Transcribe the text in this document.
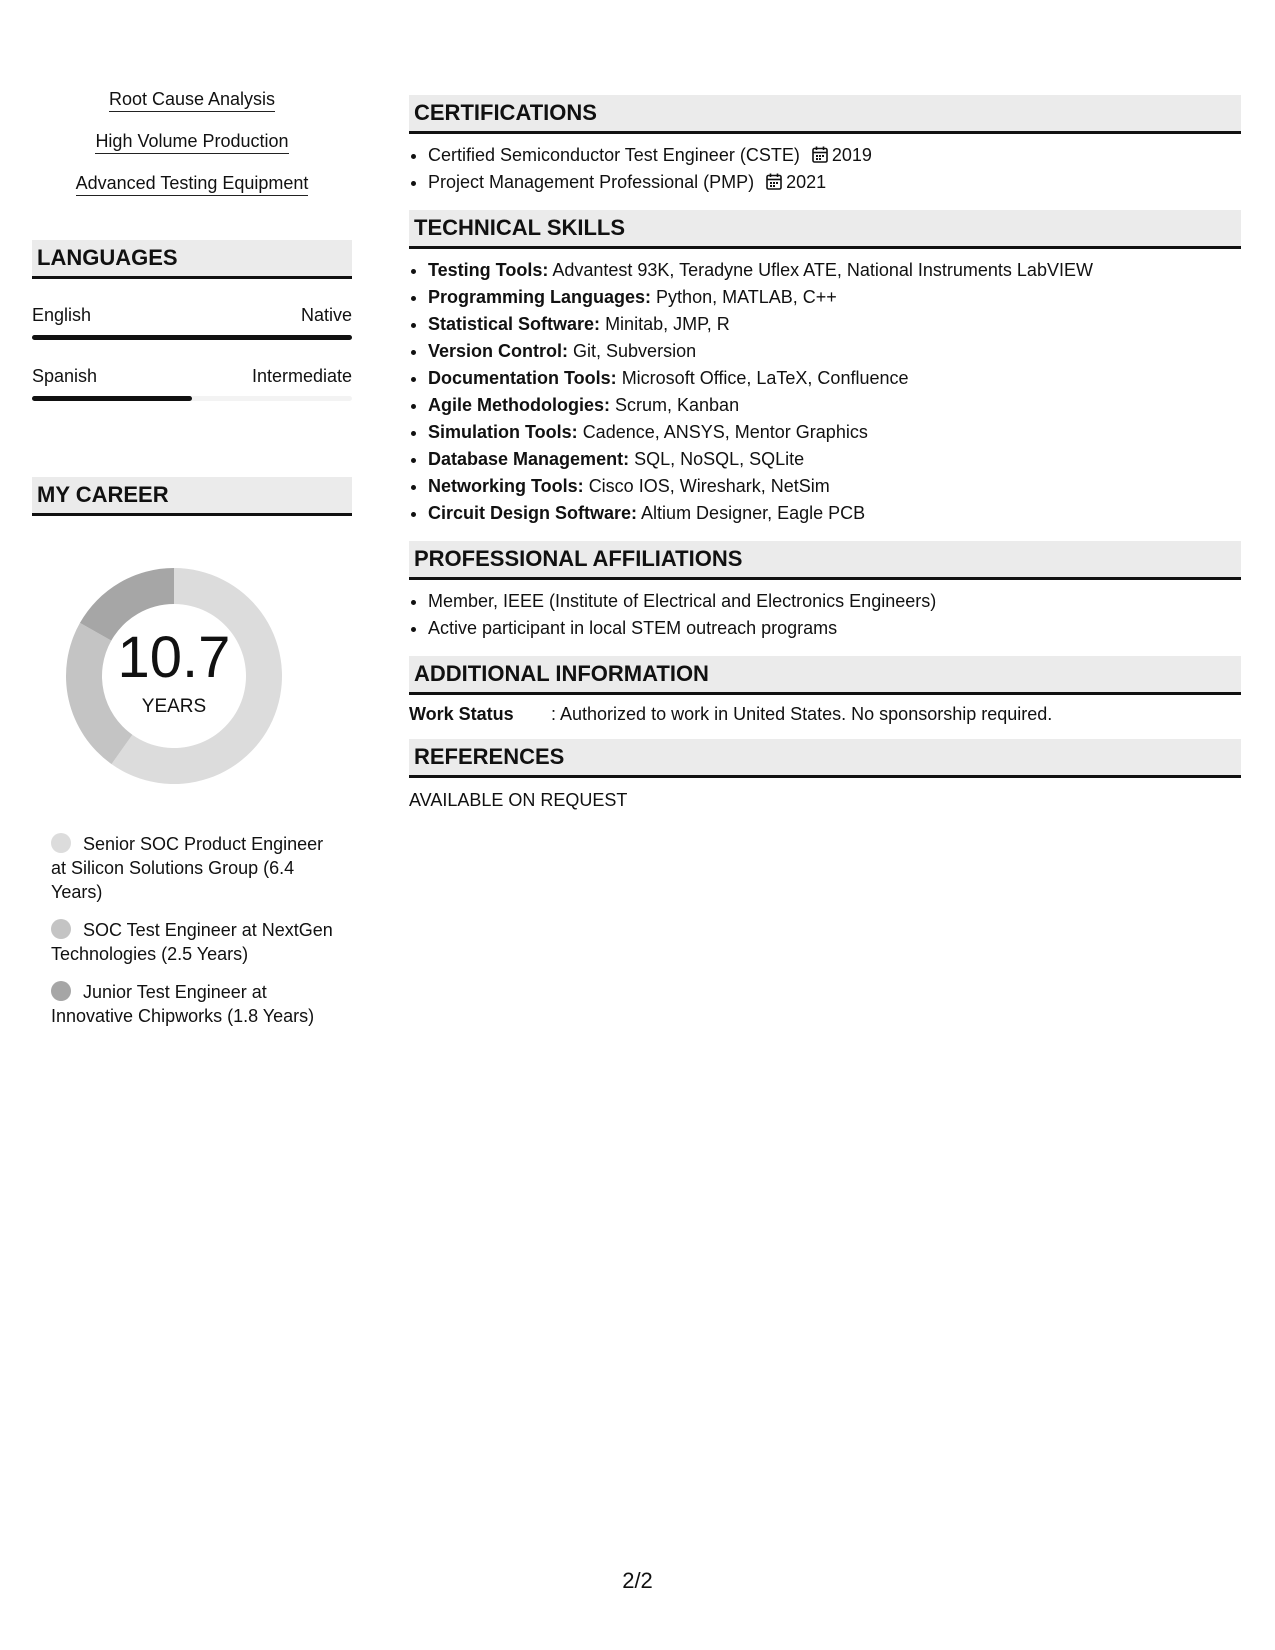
Root Cause Analysis
High Volume Production
Advanced Testing Equipment
LANGUAGES
English	Native
Spanish	Intermediate
MY CAREER
10.7
YEARS
Senior SOC Product Engineer at Silicon Solutions Group (6.4 Years)
SOC Test Engineer at NextGen Technologies (2.5 Years)
Junior Test Engineer at Innovative Chipworks (1.8 Years)
CERTIFICATIONS
• Certified Semiconductor Test Engineer (CSTE) 2019
• Project Management Professional (PMP) 2021
TECHNICAL SKILLS
• Testing Tools: Advantest 93K, Teradyne Uflex ATE, National Instruments LabVIEW
• Programming Languages: Python, MATLAB, C++
• Statistical Software: Minitab, JMP, R
• Version Control: Git, Subversion
• Documentation Tools: Microsoft Office, LaTeX, Confluence
• Agile Methodologies: Scrum, Kanban
• Simulation Tools: Cadence, ANSYS, Mentor Graphics
• Database Management: SQL, NoSQL, SQLite
• Networking Tools: Cisco IOS, Wireshark, NetSim
• Circuit Design Software: Altium Designer, Eagle PCB
PROFESSIONAL AFFILIATIONS
• Member, IEEE (Institute of Electrical and Electronics Engineers)
• Active participant in local STEM outreach programs
ADDITIONAL INFORMATION
Work Status	: Authorized to work in United States. No sponsorship required.
REFERENCES
AVAILABLE ON REQUEST
2/2
